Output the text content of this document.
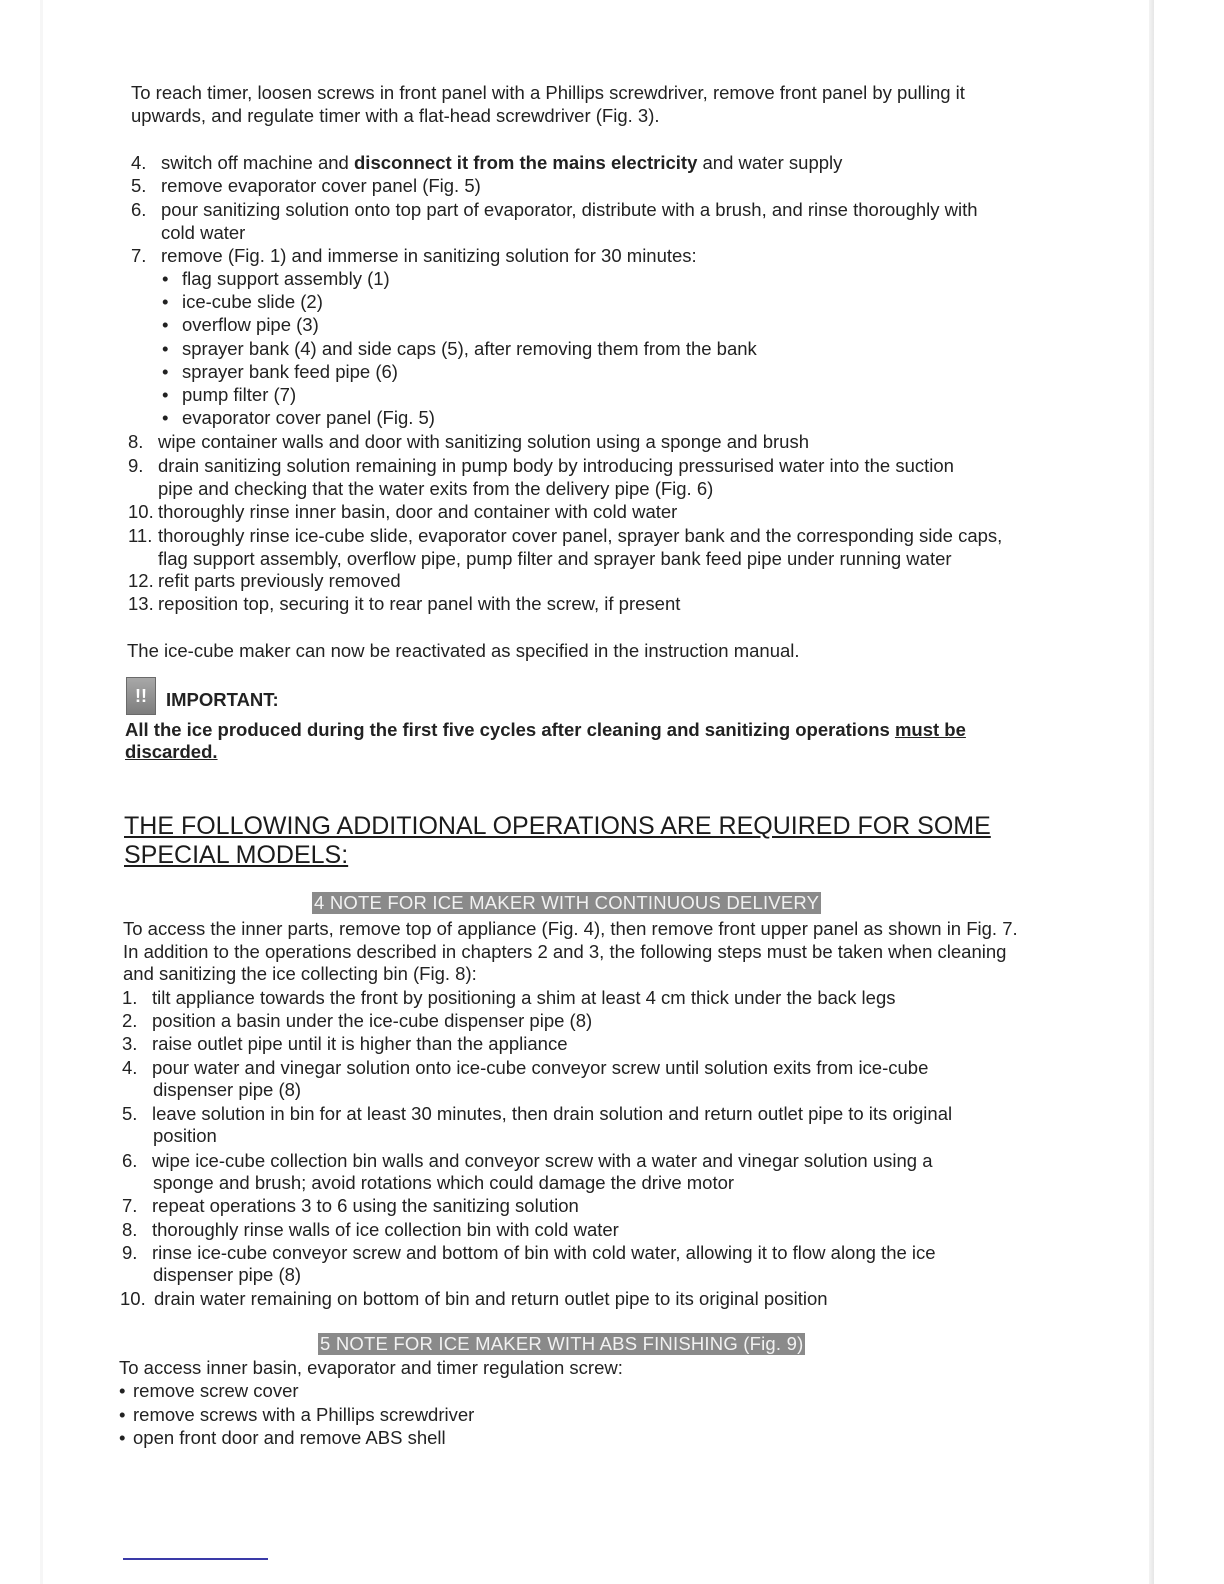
To reach timer, loosen screws in front panel with a Phillips screwdriver, remove front panel by pulling it
upwards, and regulate timer with a flat-head screwdriver (Fig. 3).
4. switch off machine and disconnect it from the mains electricity and water supply
5. remove evaporator cover panel (Fig. 5)
6. pour sanitizing solution onto top part of evaporator, distribute with a brush, and rinse thoroughly with
cold water
7. remove (Fig. 1) and immerse in sanitizing solution for 30 minutes:
• flag support assembly (1)
• ice-cube slide (2)
• overflow pipe (3)
• sprayer bank (4) and side caps (5), after removing them from the bank
• sprayer bank feed pipe (6)
• pump filter (7)
• evaporator cover panel (Fig. 5)
8. wipe container walls and door with sanitizing solution using a sponge and brush
9. drain sanitizing solution remaining in pump body by introducing pressurised water into the suction
pipe and checking that the water exits from the delivery pipe (Fig. 6)
10. thoroughly rinse inner basin, door and container with cold water
11. thoroughly rinse ice-cube slide, evaporator cover panel, sprayer bank and the corresponding side caps,
flag support assembly, overflow pipe, pump filter and sprayer bank feed pipe under running water
12. refit parts previously removed
13. reposition top, securing it to rear panel with the screw, if present
The ice-cube maker can now be reactivated as specified in the instruction manual.
!!	IMPORTANT:
All the ice produced during the first five cycles after cleaning and sanitizing operations must be
discarded.
THE FOLLOWING ADDITIONAL OPERATIONS ARE REQUIRED FOR SOME
SPECIAL MODELS:
4 NOTE FOR ICE MAKER WITH CONTINUOUS DELIVERY
To access the inner parts, remove top of appliance (Fig. 4), then remove front upper panel as shown in Fig. 7.
In addition to the operations described in chapters 2 and 3, the following steps must be taken when cleaning
and sanitizing the ice collecting bin (Fig. 8):
1. tilt appliance towards the front by positioning a shim at least 4 cm thick under the back legs
2. position a basin under the ice-cube dispenser pipe (8)
3. raise outlet pipe until it is higher than the appliance
4. pour water and vinegar solution onto ice-cube conveyor screw until solution exits from ice-cube
dispenser pipe (8)
5. leave solution in bin for at least 30 minutes, then drain solution and return outlet pipe to its original
position
6. wipe ice-cube collection bin walls and conveyor screw with a water and vinegar solution using a
sponge and brush; avoid rotations which could damage the drive motor
7. repeat operations 3 to 6 using the sanitizing solution
8. thoroughly rinse walls of ice collection bin with cold water
9. rinse ice-cube conveyor screw and bottom of bin with cold water, allowing it to flow along the ice
dispenser pipe (8)
10. drain water remaining on bottom of bin and return outlet pipe to its original position
5 NOTE FOR ICE MAKER WITH ABS FINISHING (Fig. 9)
To access inner basin, evaporator and timer regulation screw:
• remove screw cover
• remove screws with a Phillips screwdriver
• open front door and remove ABS shell
